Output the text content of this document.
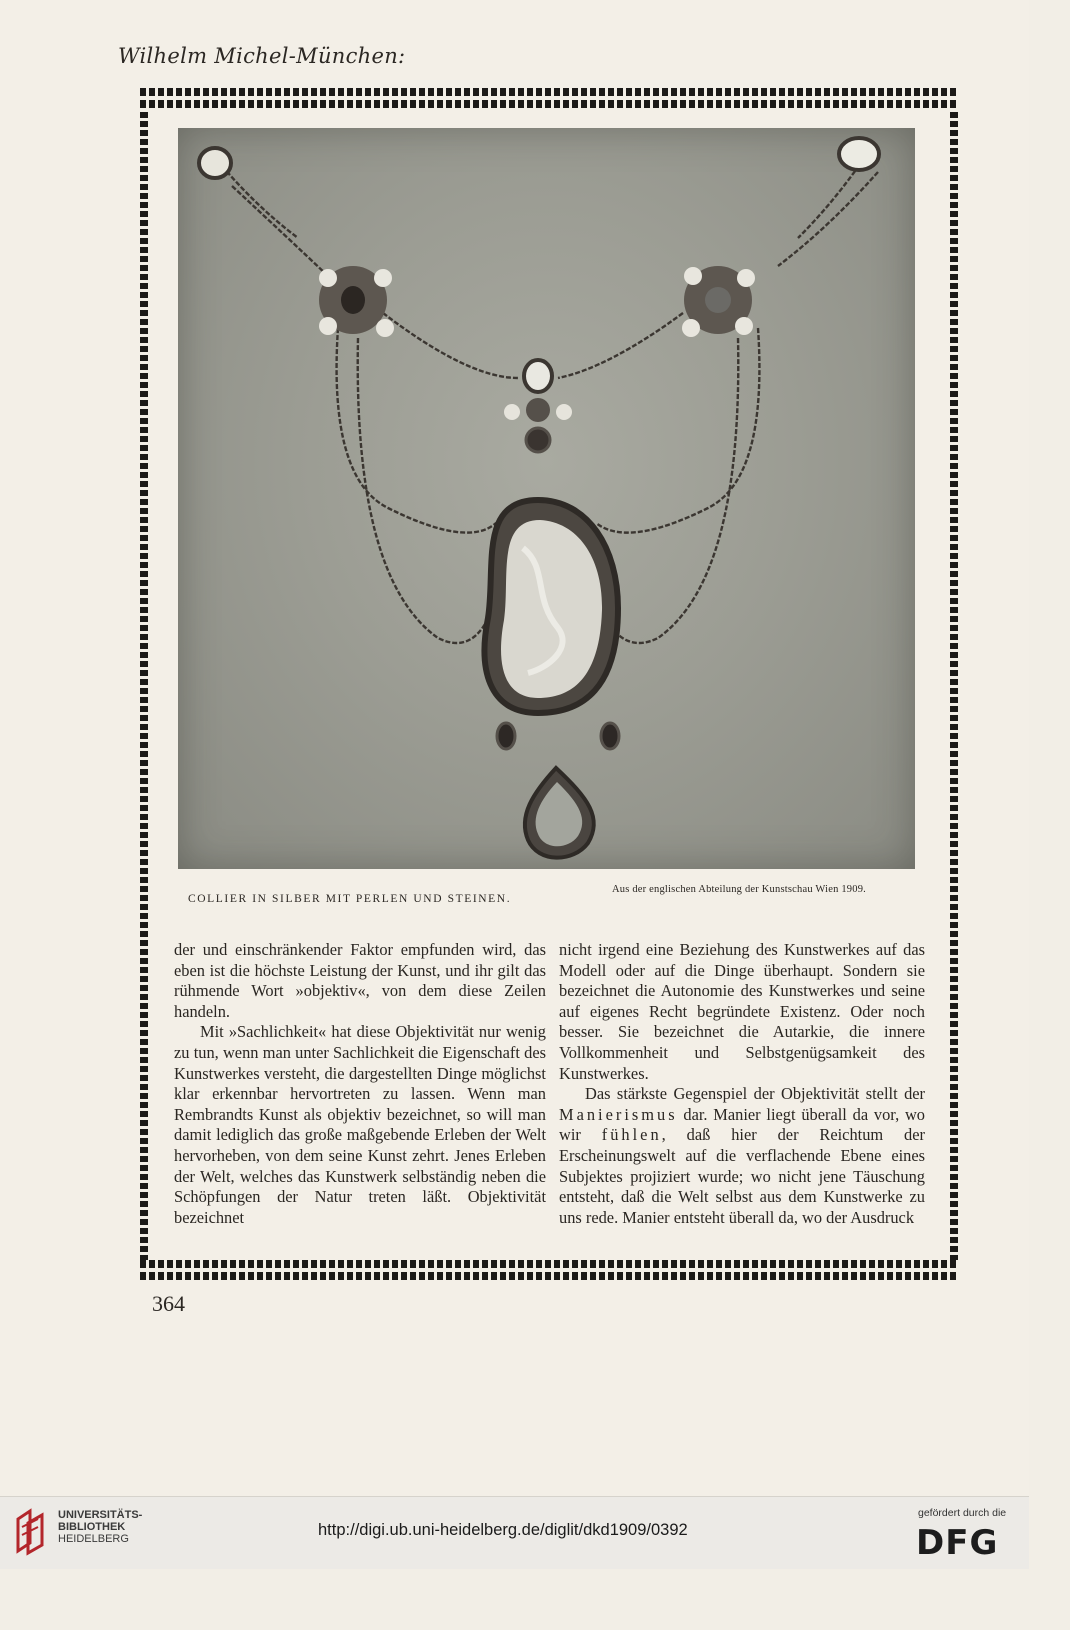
Wilhelm Michel-München:
COLLIER IN SILBER MIT PERLEN UND STEINEN.
Aus der englischen Abteilung der Kunstschau Wien 1909.

der und einschränkender Faktor empfunden wird, das eben ist die höchste Leistung der Kunst, und ihr gilt das rühmende Wort »objektiv«, von dem diese Zeilen handeln.

Mit »Sachlichkeit« hat diese Objektivität nur wenig zu tun, wenn man unter Sachlichkeit die Eigenschaft des Kunstwerkes versteht, die dargestellten Dinge möglichst klar erkennbar hervortreten zu lassen. Wenn man Rembrandts Kunst als objektiv bezeichnet, so will man damit lediglich das große maßgebende Erleben der Welt hervorheben, von dem seine Kunst zehrt. Jenes Erleben der Welt, welches das Kunstwerk selbständig neben die Schöpfungen der Natur treten läßt. Objektivität bezeichnet

nicht irgend eine Beziehung des Kunstwerkes auf das Modell oder auf die Dinge überhaupt. Sondern sie bezeichnet die Autonomie des Kunstwerkes und seine auf eigenes Recht begründete Existenz. Oder noch besser. Sie bezeichnet die Autarkie, die innere Vollkommenheit und Selbstgenügsamkeit des Kunstwerkes.

Das stärkste Gegenspiel der Objektivität stellt der Manierismus dar. Manier liegt überall da vor, wo wir fühlen, daß hier der Reichtum der Erscheinungswelt auf die verflachende Ebene eines Subjektes projiziert wurde; wo nicht jene Täuschung entsteht, daß die Welt selbst aus dem Kunstwerke zu uns rede. Manier entsteht überall da, wo der Ausdruck

364
UNIVERSITÄTS-
BIBLIOTHEK
HEIDELBERG	http://digi.ub.uni-heidelberg.de/diglit/dkd1909/0392
gefördert durch die
DFG
